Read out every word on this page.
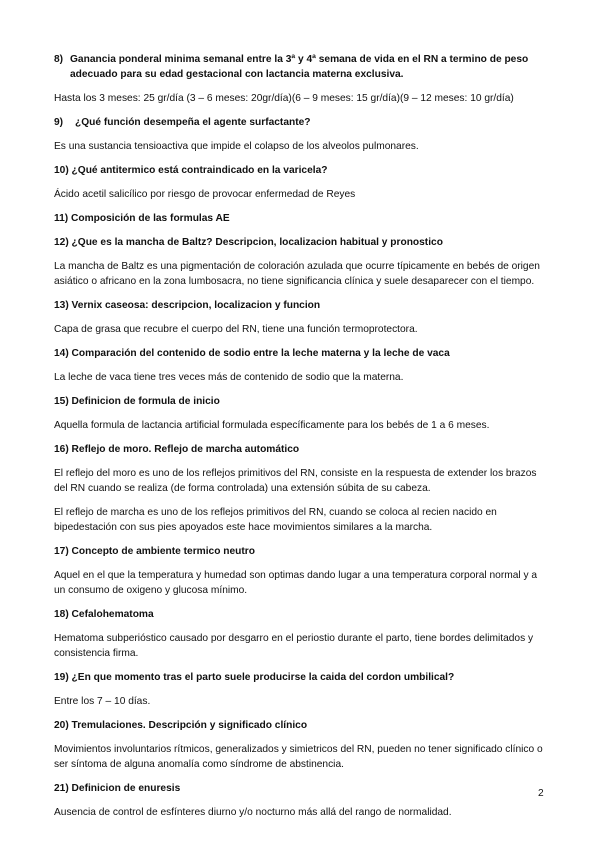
8) Ganancia ponderal minima semanal entre la 3ª y 4ª semana de vida en el RN a termino de peso
adecuado para su edad gestacional con lactancia materna exclusiva.
Hasta los 3 meses: 25 gr/día (3 – 6 meses: 20gr/día)(6 – 9 meses: 15 gr/día)(9 – 12 meses: 10 gr/día)
9) ¿Qué función desempeña el agente surfactante?
Es una sustancia tensioactiva que impide el colapso de los alveolos pulmonares.
10) ¿Qué antitermico está contraindicado en la varicela?
Ácido acetil salicílico por riesgo de provocar enfermedad de Reyes
11) Composición de las formulas AE
12) ¿Que es la mancha de Baltz? Descripcion, localizacion habitual y pronostico
La mancha de Baltz es una pigmentación de coloración azulada que ocurre típicamente en bebés de origen
asiático o africano en la zona lumbosacra, no tiene significancia clínica y suele desaparecer con el tiempo.
13) Vernix caseosa: descripcion, localizacion y funcion
Capa de grasa que recubre el cuerpo del RN, tiene una función termoprotectora.
14) Comparación del contenido de sodio entre la leche materna y la leche de vaca
La leche de vaca tiene tres veces más de contenido de sodio que la materna.
15) Definicion de formula de inicio
Aquella formula de lactancia artificial formulada específicamente para los bebés de 1 a 6 meses.
16) Reflejo de moro. Reflejo de marcha automático
El reflejo del moro es uno de los reflejos primitivos del RN, consiste en la respuesta de extender los brazos
del RN cuando se realiza (de forma controlada) una extensión súbita de su cabeza.
El reflejo de marcha es uno de los reflejos primitivos del RN, cuando se coloca al recien nacido en
bipedestación con sus pies apoyados este hace movimientos similares a la marcha.
17) Concepto de ambiente termico neutro
Aquel en el que la temperatura y humedad son optimas dando lugar a una temperatura corporal normal y a
un consumo de oxigeno y glucosa mínimo.
18) Cefalohematoma
Hematoma subperióstico causado por desgarro en el periostio durante el parto, tiene bordes delimitados y
consistencia firma.
19) ¿En que momento tras el parto suele producirse la caida del cordon umbilical?
Entre los 7 – 10 días.
20) Tremulaciones. Descripción y significado clínico
Movimientos involuntarios rítmicos, generalizados y simietricos del RN, pueden no tener significado clínico o
ser síntoma de alguna anomalía como síndrome de abstinencia.
21) Definicion de enuresis
Ausencia de control de esfínteres diurno y/o nocturno más allá del rango de normalidad.
2
